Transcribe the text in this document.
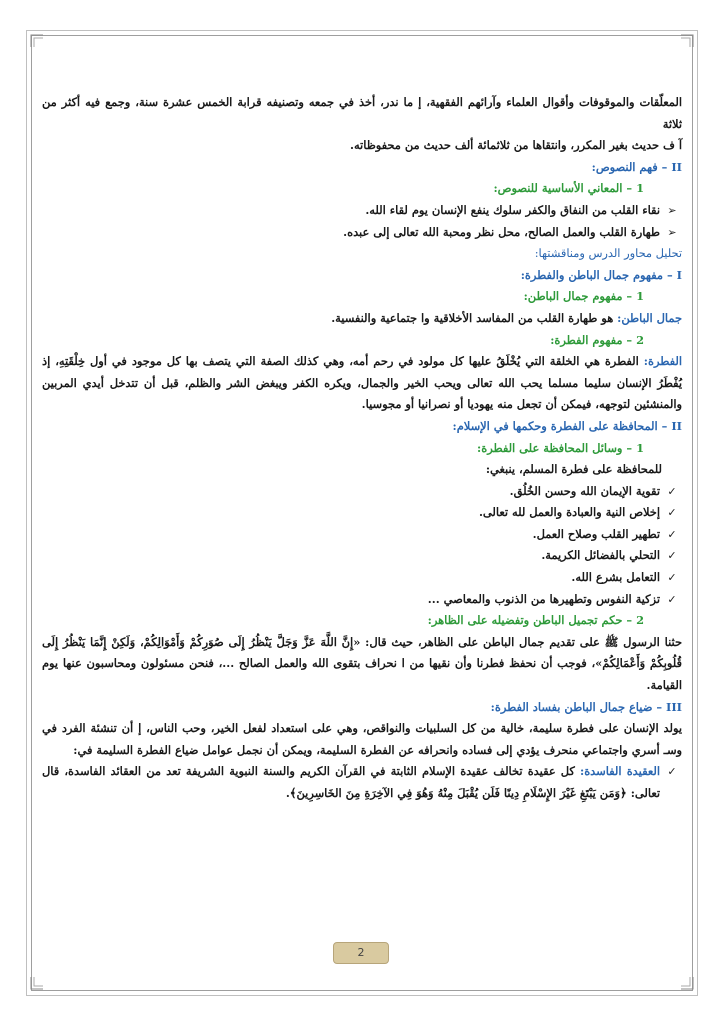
المعلّقات والموقوفات وأقوال العلماء وآرائهم الفقهية، إ ما ندر، أخذ في جمعه وتصنيفه قرابة الخمس عشرة سنة، وجمع فيه أكثر من ثلاثة
آ ف حديث بغير المكرر، وانتقاها من ثلاثمائة ألف حديث من محفوظاته.

II – فهم النصوص:

1 – المعاني الأساسية للنصوص:

➢
نقاء القلب من النفاق والكفر سلوك ينفع الإنسان يوم لقاء الله.
➢
طهارة القلب والعمل الصالح، محل نظر ومحبة الله تعالى إلى عبده.

تحليل محاور الدرس ومناقشتها:

I – مفهوم جمال الباطن والفطرة:

1 – مفهوم جمال الباطن:

جمال الباطن: هو طهارة القلب من المفاسد الأخلاقية وا جتماعية والنفسية.

2 – مفهوم الفطرة:

الفطرة: الفطرة هي الخلقة التي يُخْلَقُ عليها كل مولود في رحم أمه، وهي كذلك الصفة التي يتصف بها كل موجود في أول خِلْقَتِهِ، إذ يُفْطَرُ الإنسان سليما مسلما يحب الله تعالى ويحب الخير والجمال، ويكره الكفر ويبغض الشر والظلم، قبل أن تتدخل أيدي المربين والمنشئين لتوجهه، فيمكن أن تجعل منه يهوديا أو نصرانيا أو مجوسيا.

II – المحافظة على الفطرة وحكمها في الإسلام:

1 – وسائل المحافظة على الفطرة:

للمحافظة على فطرة المسلم، ينبغي:

✓
تقوية الإيمان الله وحسن الخُلُق.
✓
إخلاص النية والعبادة والعمل لله تعالى.
✓
تطهير القلب وصلاح العمل.
✓
التحلي بالفضائل الكريمة.
✓
التعامل بشرع الله.
✓
تزكية النفوس وتطهيرها من الذنوب والمعاصي ...

2 – حكم تجميل الباطن وتفضيله على الظاهر:

حثنا الرسول ﷺ على تقديم جمال الباطن على الظاهر، حيث قال: «إِنَّ اللَّهَ عَزَّ وَجَلَّ يَنْظُرُ إِلَى صُوَرِكُمْ وَأَمْوَالِكُمْ، وَلَكِنْ إِنَّمَا يَنْظُرُ إِلَى قُلُوبِكُمْ وَأَعْمَالِكُمْ»، فوجب أن نحفظ فطرنا وأن نقيها من ا نحراف بتقوى الله والعمل الصالح ...، فنحن مسئولون ومحاسبون عنها يوم القيامة.

III – ضياع جمال الباطن بفساد الفطرة:

يولد الإنسان على فطرة سليمة، خالية من كل السلبيات والنواقص، وهي على استعداد لفعل الخير، وحب الناس، إ أن تنشئة الفرد في وسـ أسري واجتماعي منحرف يؤدي إلى فساده وانحرافه عن الفطرة السليمة، ويمكن أن نجمل عوامل ضياع الفطرة السليمة في:

✓
العقيدة الفاسدة: كل عقيدة تخالف عقيدة الإسلام الثابتة في القرآن الكريم والسنة النبوية الشريفة تعد من العقائد الفاسدة، قال تعالى: ﴿وَمَن يَبْتَغِ غَيْرَ الإِسْلَامِ دِينًا فَلَن يُقْبَلَ مِنْهُ وَهُوَ فِي الآخِرَةِ مِنَ الخَاسِرِينَ﴾.
2
